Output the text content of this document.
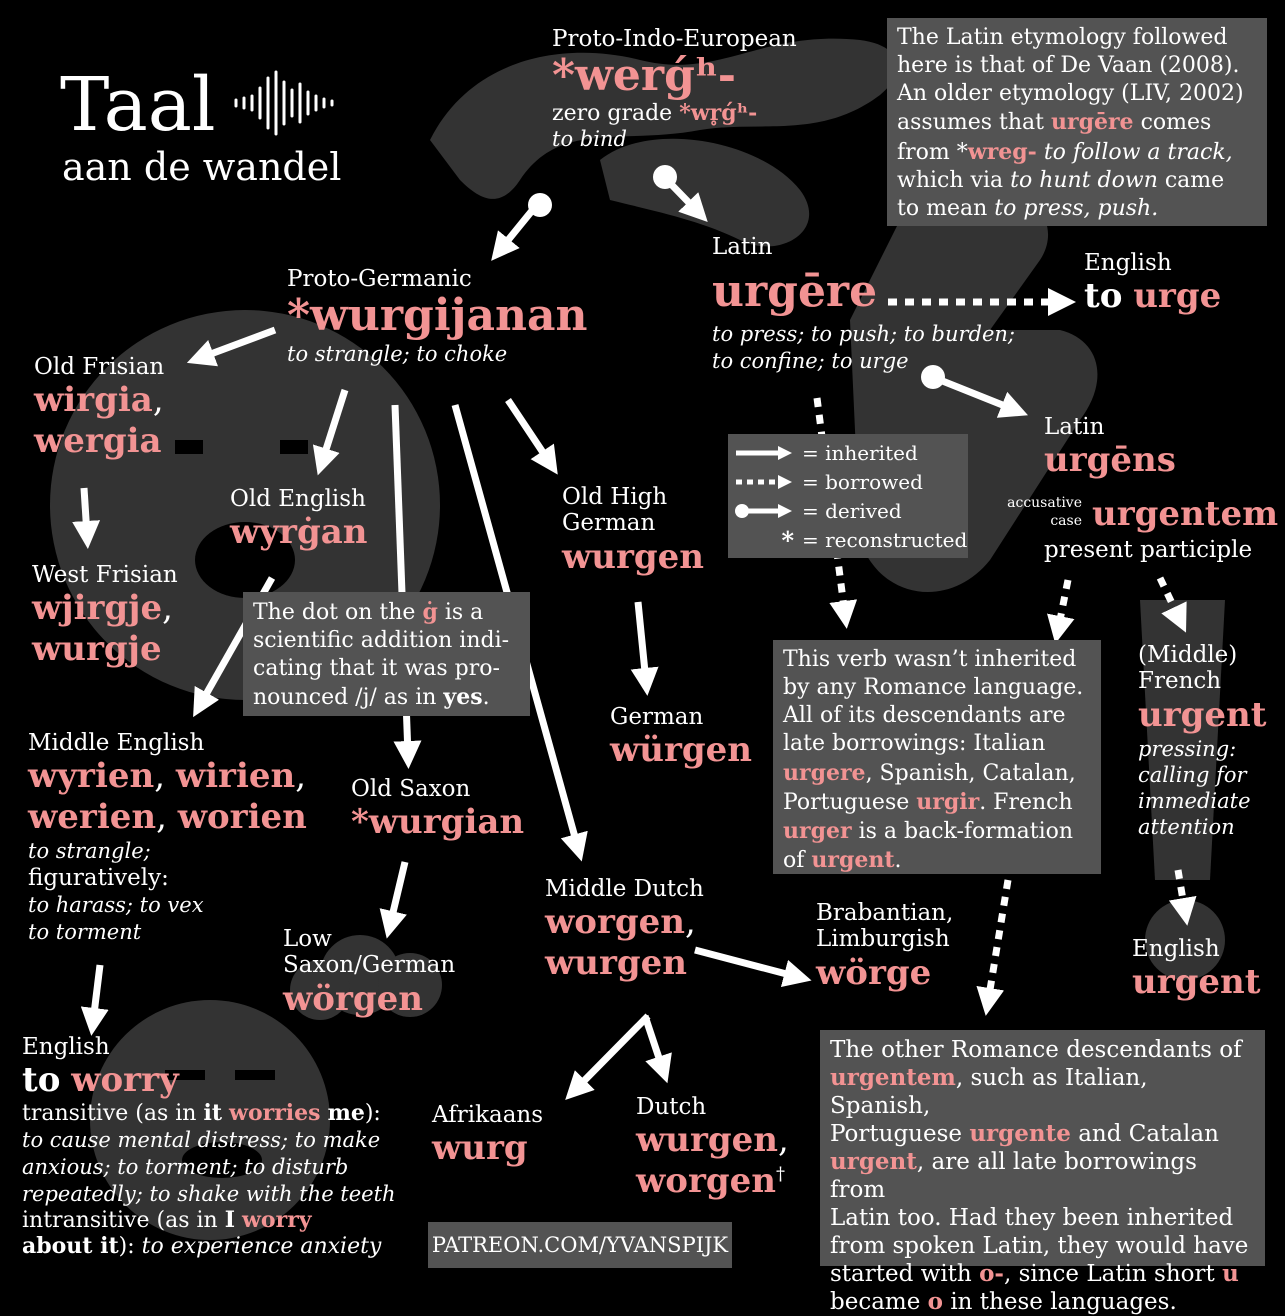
Taal
aan de wandel
Proto-Indo-European
*werǵʰ-
zero grade *wr̥ǵʰ-
to bind
The Latin etymology followed
here is that of De Vaan (2008).
An older etymology (LIV, 2002)
assumes that urgēre comes
from *wreg- to follow a track,
which via to hunt down came
to mean to press, push.
Proto-Germanic
*wurgijanan
to strangle; to choke
Latin
urgēre
to press; to push; to burden;
to confine; to urge
English
to urge
Latin
urgēns
accusative
case urgentem
present participle
Old Frisian
wirgia,
wergia
West Frisian
wjirgje,
wurgje
Old English
wyrġan
Old High
German
wurgen
German
würgen
The dot on the ġ is a
scientific addition indi-
cating that it was pro-
nounced /j/ as in yes.
= inherited
= borrowed
= derived
* = reconstructed
This verb wasn’t inherited
by any Romance language.
All of its descendants are
late borrowings: Italian
urgere, Spanish, Catalan,
Portuguese urgir. French
urger is a back-formation
of urgent.
(Middle)
French
urgent
pressing:
calling for
immediate
attention
English
urgent
Middle English
wyrien, wirien,
werien, worien
to strangle;
figuratively:
to harass; to vex
to torment
Old Saxon
*wurgian
Low
Saxon/German
wörgen
Middle Dutch
worgen,
wurgen
Brabantian,
Limburgish
wörge
Afrikaans
wurg
Dutch
wurgen,
worgen†
The other Romance descendants of
urgentem, such as Italian, Spanish,
Portuguese urgente and Catalan
urgent, are all late borrowings from
Latin too. Had they been inherited
from spoken Latin, they would have
started with o-, since Latin short u
became o in these languages.
English
to worry
transitive (as in it worries me):
to cause mental distress; to make
anxious; to torment; to disturb
repeatedly; to shake with the teeth
intransitive (as in I worry
about it): to experience anxiety	PATREON.COM/YVANSPIJK
